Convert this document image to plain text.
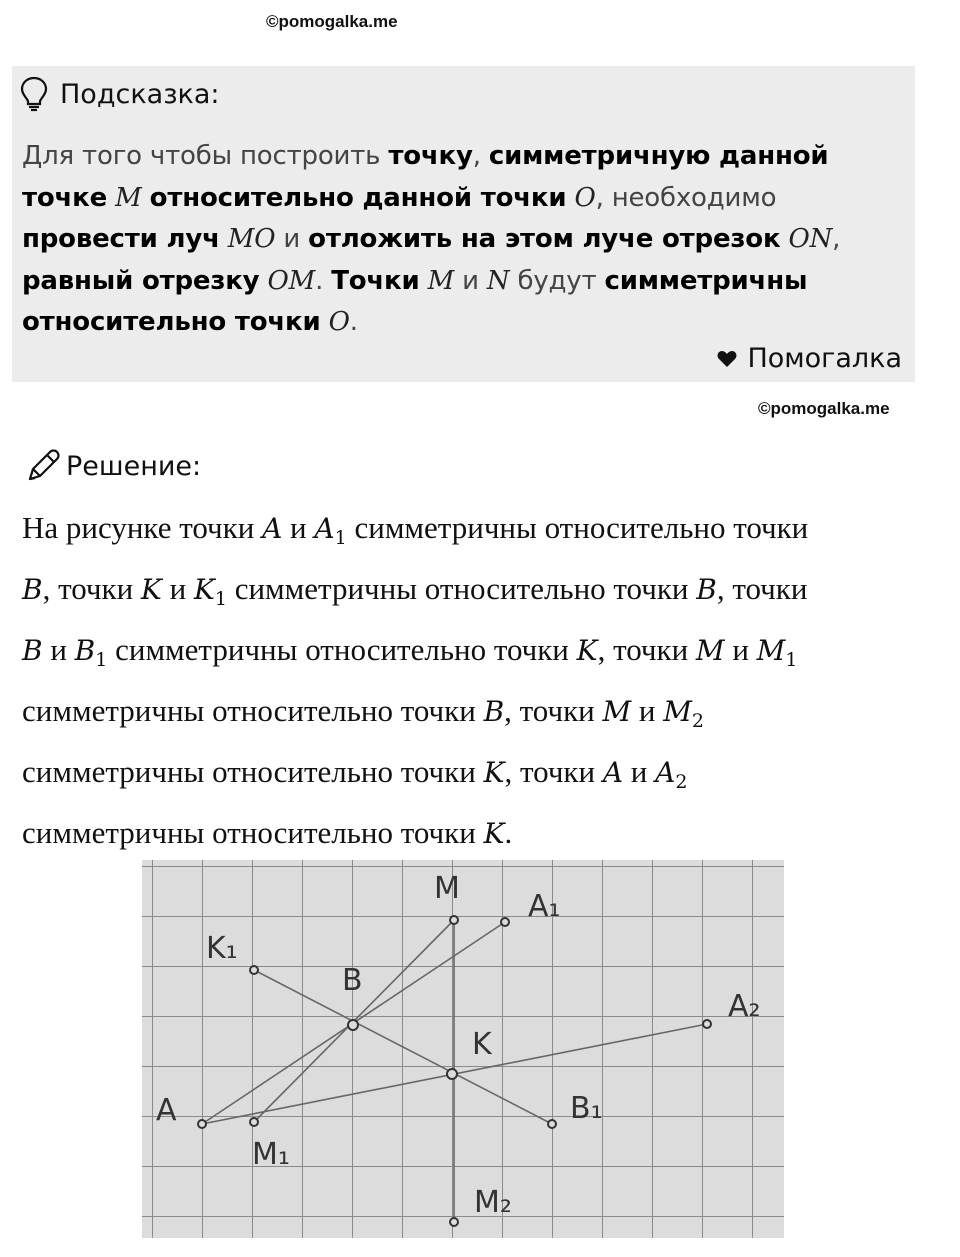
©pomogalka.me
Подсказка:
Для того чтобы построить точку, симметричную данной точке M относительно данной точки O, необходимо провести луч MO и отложить на этом луче отрезок ON, равный отрезку OM. Точки M и N будут симметричны относительно точки O.
Помогалка
©pomogalka.me
Решение:
На рисунке точки A и $A_1$ симметричны относительно точки
B, точки K и $K_1$ симметричны относительно точки B, точки
B и $B_1$ симметричны относительно точки K, точки M и $M_1$
симметричны относительно точки B, точки M и $M_2$
симметричны относительно точки K, точки A и $A_2$
симметричны относительно точки K.
M
A₁
K₁
B
A₂
K
A	B₁
M₁
M₂
